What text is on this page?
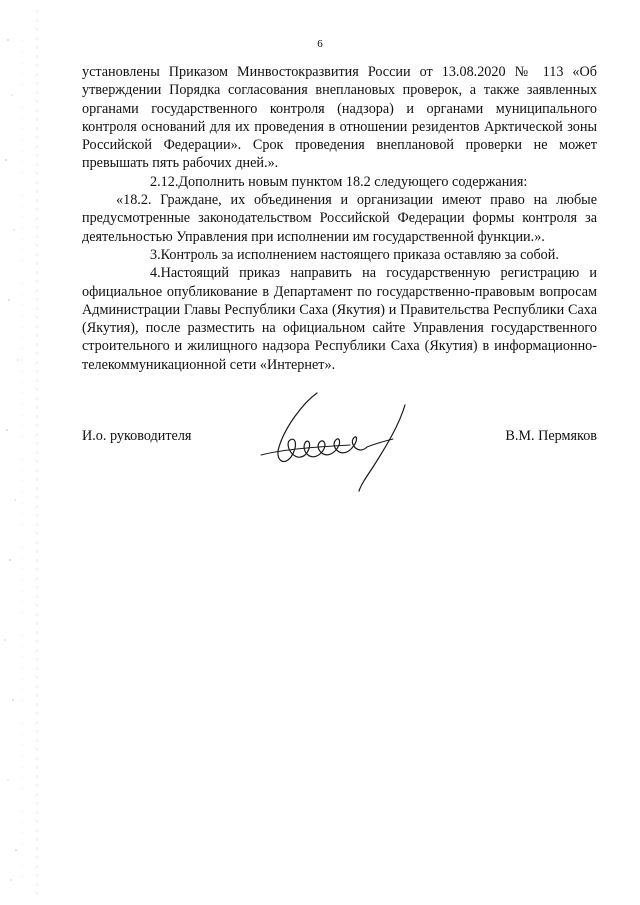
6

установлены Приказом Минвостокразвития России от 13.08.2020 № 113 «Об утверждении Порядка согласования внеплановых проверок, а также заявленных органами государственного контроля (надзора) и органами муниципального контроля оснований для их проведения в отношении резидентов Арктической зоны Российской Федерации». Срок проведения внеплановой проверки не может превышать пять рабочих дней.».

2.12.Дополнить новым пунктом 18.2 следующего содержания:

«18.2. Граждане, их объединения и организации имеют право на любые предусмотренные законодательством Российской Федерации формы контроля за деятельностью Управления при исполнении им государственной функции.».

3.Контроль за исполнением настоящего приказа оставляю за собой.

4.Настоящий приказ направить на государственную регистрацию и официальное опубликование в Департамент по государственно-правовым вопросам Администрации Главы Республики Саха (Якутия) и Правительства Республики Саха (Якутия), после разместить на официальном сайте Управления государственного строительного и жилищного надзора Республики Саха (Якутия) в информационно-телекоммуникационной сети «Интернет».

И.о. руководителя	В.М. Пермяков
